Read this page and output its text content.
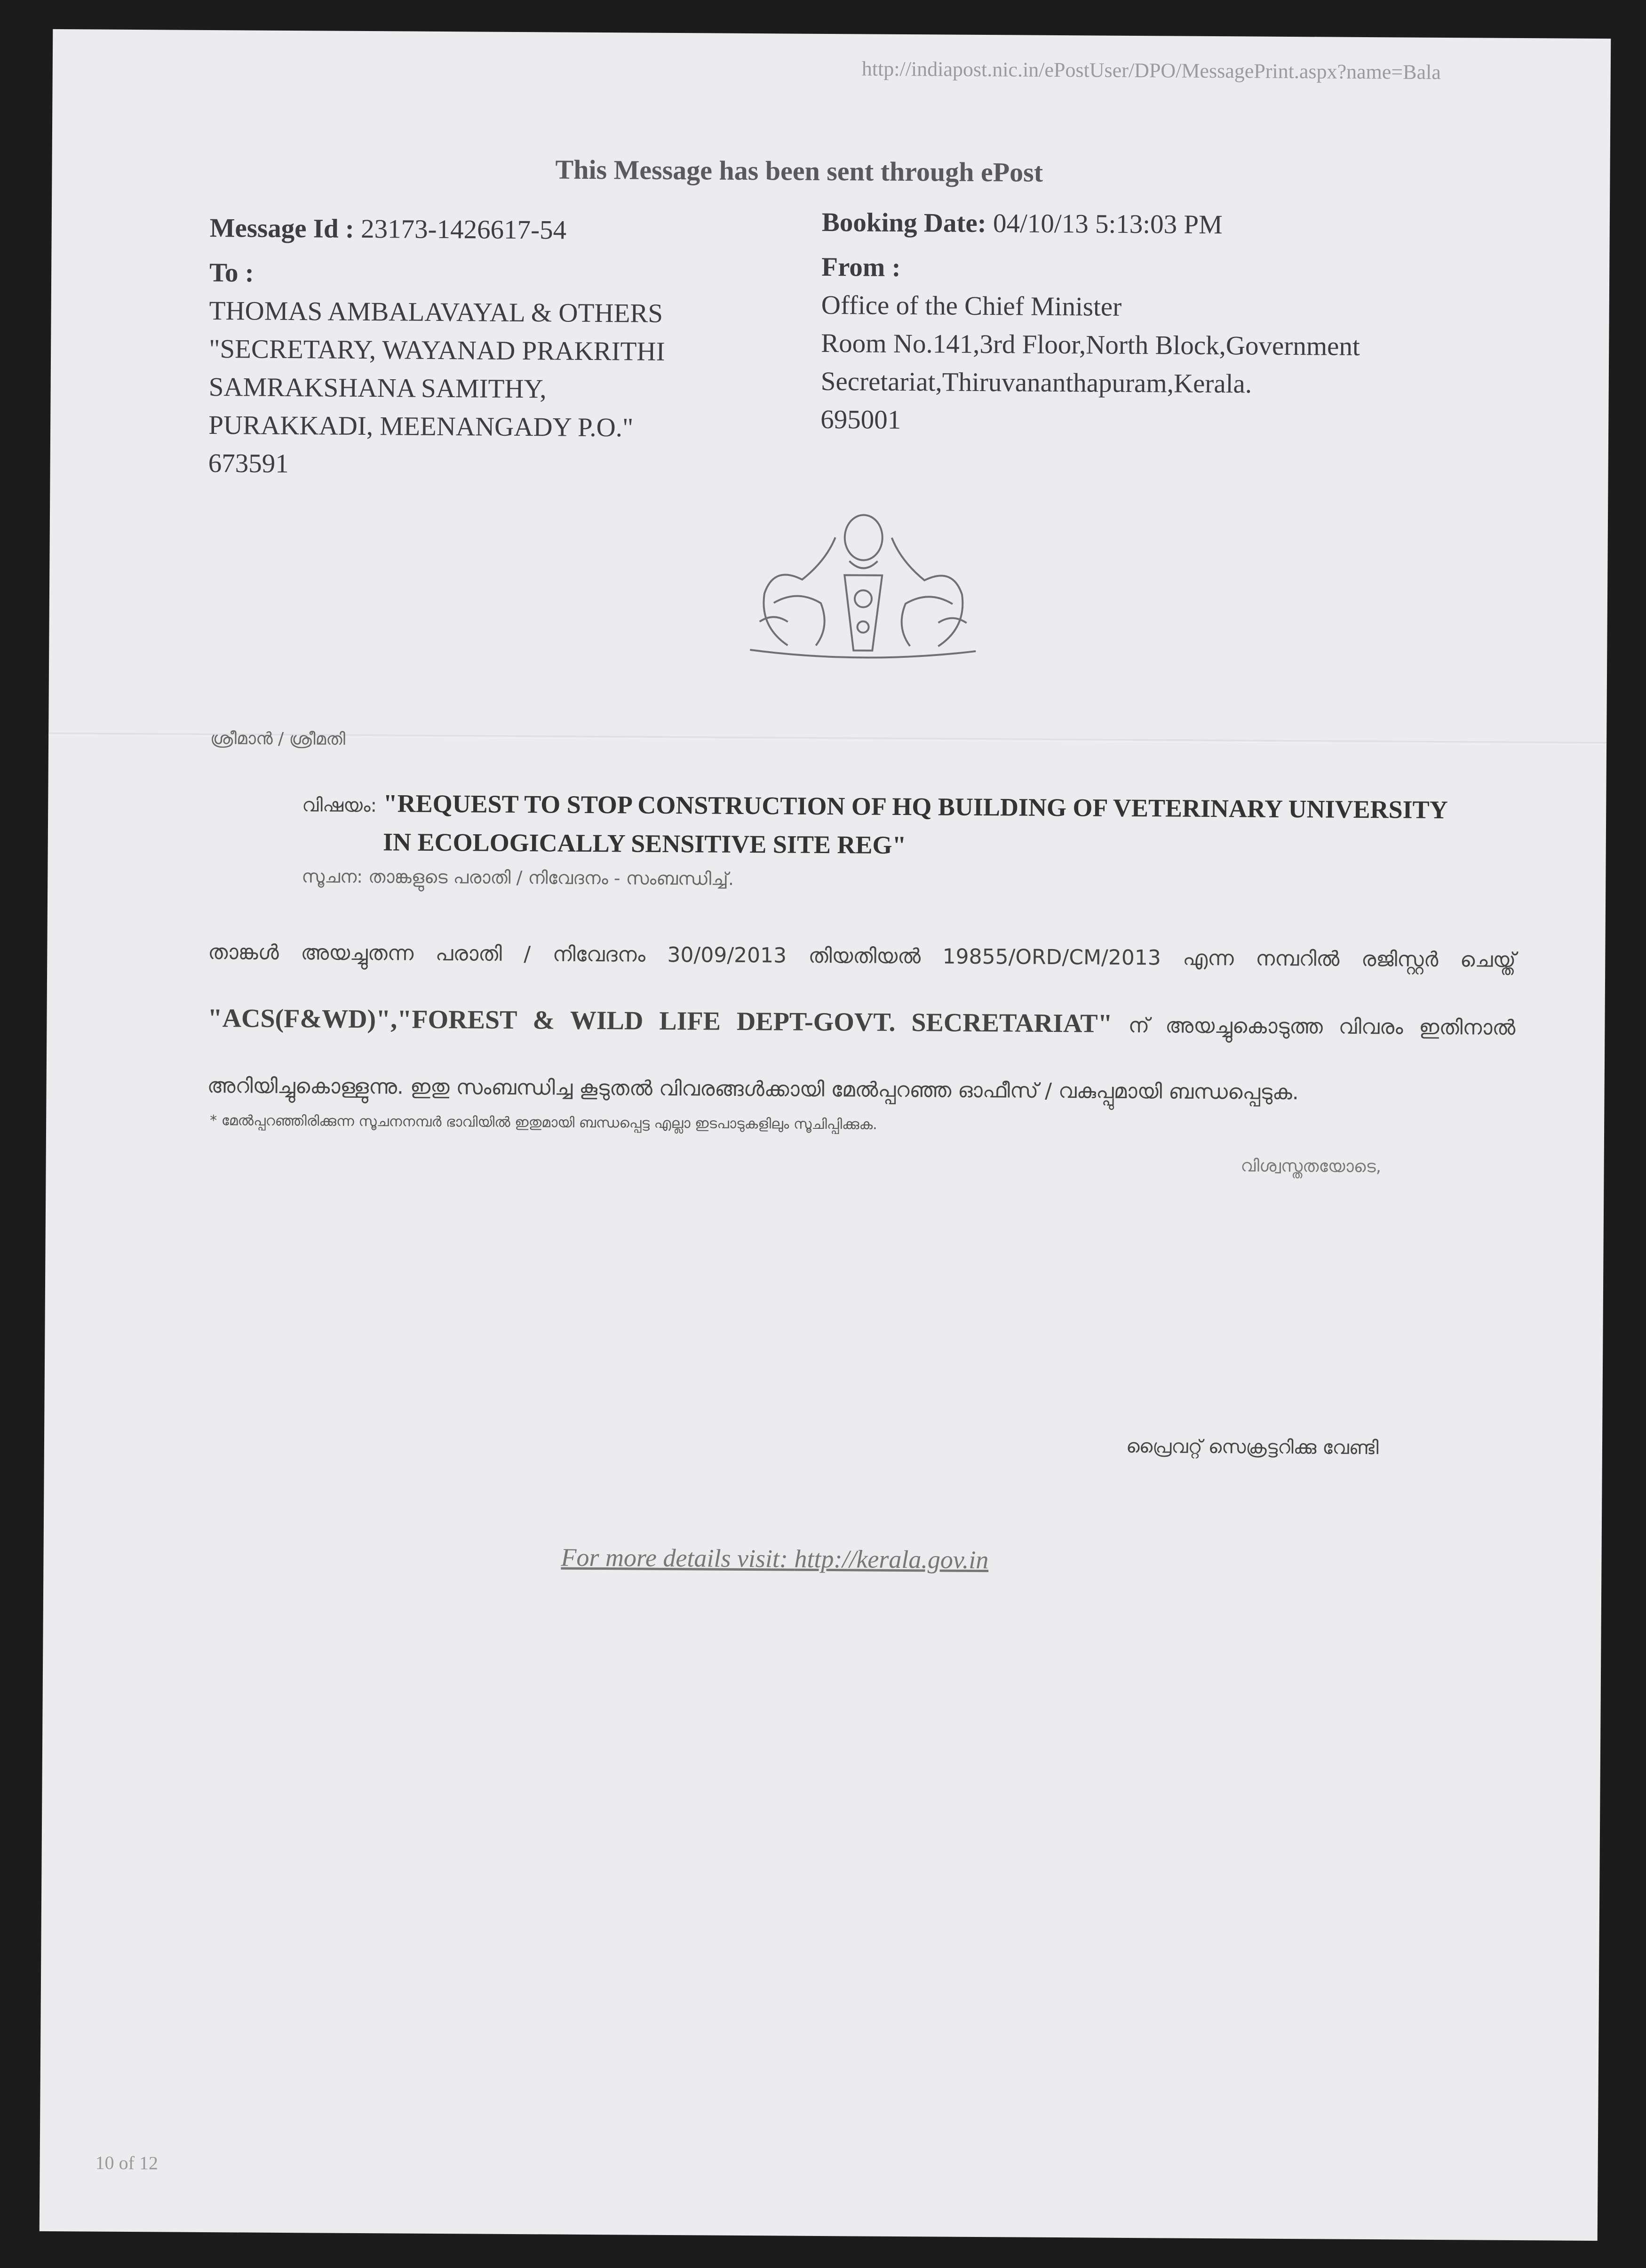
http://indiapost.nic.in/ePostUser/DPO/MessagePrint.aspx?name=Bala
This Message has been sent through ePost
Message Id : 23173-1426617-54
To :
THOMAS AMBALAVAYAL & OTHERS
"SECRETARY, WAYANAD PRAKRITHI
SAMRAKSHANA SAMITHY,
PURAKKADI, MEENANGADY P.O."
673591
Booking Date: 04/10/13 5:13:03 PM
From :
Office of the Chief Minister
Room No.141,3rd Floor,North Block,Government
Secretariat,Thiruvananthapuram,Kerala.
695001
ശ്രീമാൻ / ശ്രീമതി
വിഷയം: "REQUEST TO STOP CONSTRUCTION OF HQ BUILDING OF VETERINARY UNIVERSITY IN ECOLOGICALLY SENSITIVE SITE REG"
സൂചന: താങ്കളുടെ പരാതി / നിവേദനം - സംബന്ധിച്ച്.
താങ്കൾ അയച്ചുതന്ന പരാതി / നിവേദനം 30/09/2013 തിയതിയൽ 19855/ORD/CM/2013 എന്ന നമ്പറിൽ രജിസ്റ്റർ ചെയ്ത് "ACS(F&WD)","FOREST & WILD LIFE DEPT-GOVT. SECRETARIAT" ന് അയച്ചുകൊടുത്ത വിവരം ഇതിനാൽ അറിയിച്ചുകൊള്ളുന്നു. ഇതു സംബന്ധിച്ച കൂടുതൽ വിവരങ്ങൾക്കായി മേൽപ്പറഞ്ഞ ഓഫീസ് / വകുപ്പുമായി ബന്ധപ്പെടുക.
* മേൽപ്പറഞ്ഞിരിക്കുന്ന സൂചനനമ്പർ ഭാവിയിൽ ഇതുമായി ബന്ധപ്പെട്ട എല്ലാ ഇടപാടുകളിലും സൂചിപ്പിക്കുക.
വിശ്വസ്തതയോടെ,
പ്രൈവറ്റ് സെക്രട്ടറിക്കു വേണ്ടി
For more details visit: http://kerala.gov.in
10 of 12
